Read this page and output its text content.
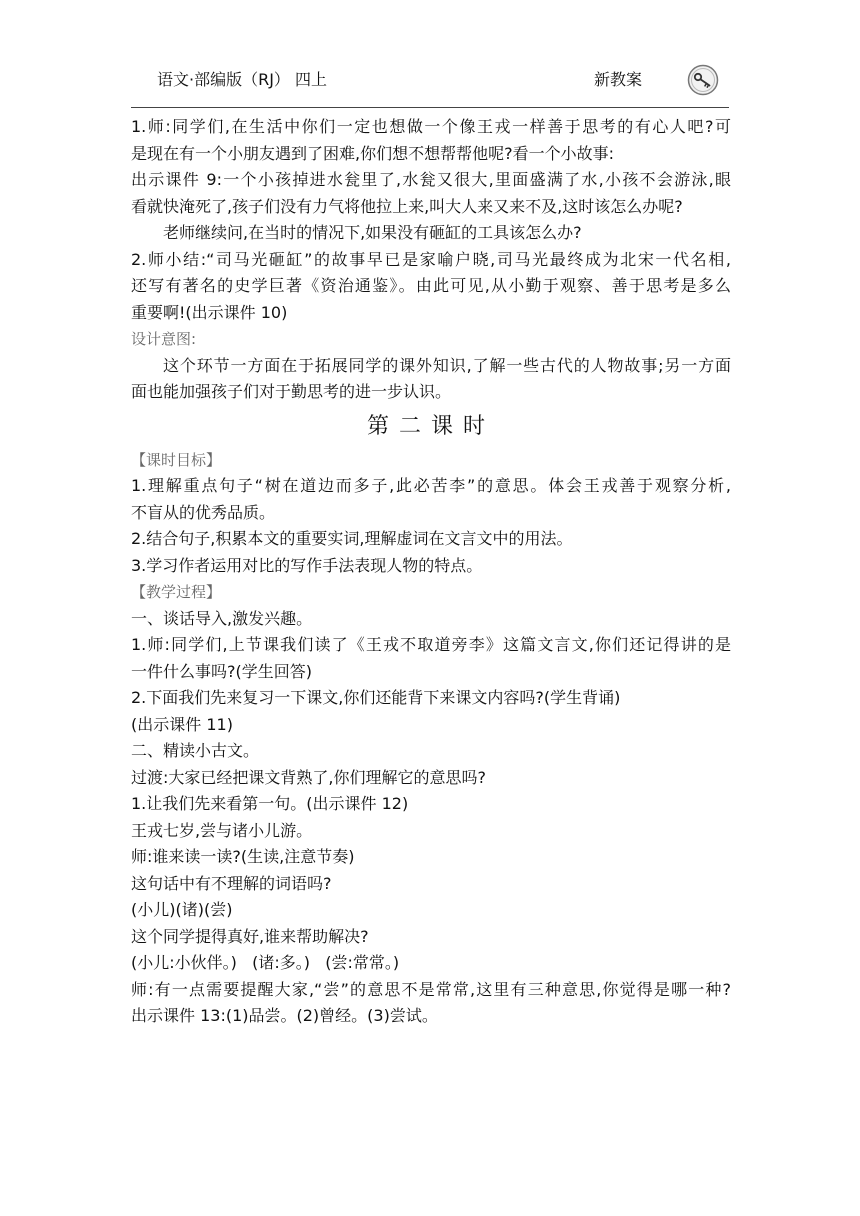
语文·部编版（RJ） 四上	新教案
1.师:同学们,在生活中你们一定也想做一个像王戎一样善于思考的有心人吧?可
是现在有一个小朋友遇到了困难,你们想不想帮帮他呢?看一个小故事:
出示课件 9:一个小孩掉进水瓮里了,水瓮又很大,里面盛满了水,小孩不会游泳,眼
看就快淹死了,孩子们没有力气将他拉上来,叫大人来又来不及,这时该怎么办呢?
老师继续问,在当时的情况下,如果没有砸缸的工具该怎么办?
2.师小结:“司马光砸缸”的故事早已是家喻户晓,司马光最终成为北宋一代名相,
还写有著名的史学巨著《资治通鉴》。由此可见,从小勤于观察、善于思考是多么
重要啊!(出示课件 10)
设计意图:
这个环节一方面在于拓展同学的课外知识,了解一些古代的人物故事;另一方面
面也能加强孩子们对于勤思考的进一步认识。
第二课时
【课时目标】
1.理解重点句子“树在道边而多子,此必苦李”的意思。体会王戎善于观察分析,
不盲从的优秀品质。
2.结合句子,积累本文的重要实词,理解虚词在文言文中的用法。
3.学习作者运用对比的写作手法表现人物的特点。
【教学过程】
一、谈话导入,激发兴趣。
1.师:同学们,上节课我们读了《王戎不取道旁李》这篇文言文,你们还记得讲的是
一件什么事吗?(学生回答)
2.下面我们先来复习一下课文,你们还能背下来课文内容吗?(学生背诵)
(出示课件 11)
二、精读小古文。
过渡:大家已经把课文背熟了,你们理解它的意思吗?
1.让我们先来看第一句。(出示课件 12)
王戎七岁,尝与诸小儿游。
师:谁来读一读?(生读,注意节奏)
这句话中有不理解的词语吗?
(小儿)(诸)(尝)
这个同学提得真好,谁来帮助解决?
(小儿:小伙伴。)   (诸:多。)   (尝:常常。)
师:有一点需要提醒大家,“尝”的意思不是常常,这里有三种意思,你觉得是哪一种?
出示课件 13:(1)品尝。(2)曾经。(3)尝试。
